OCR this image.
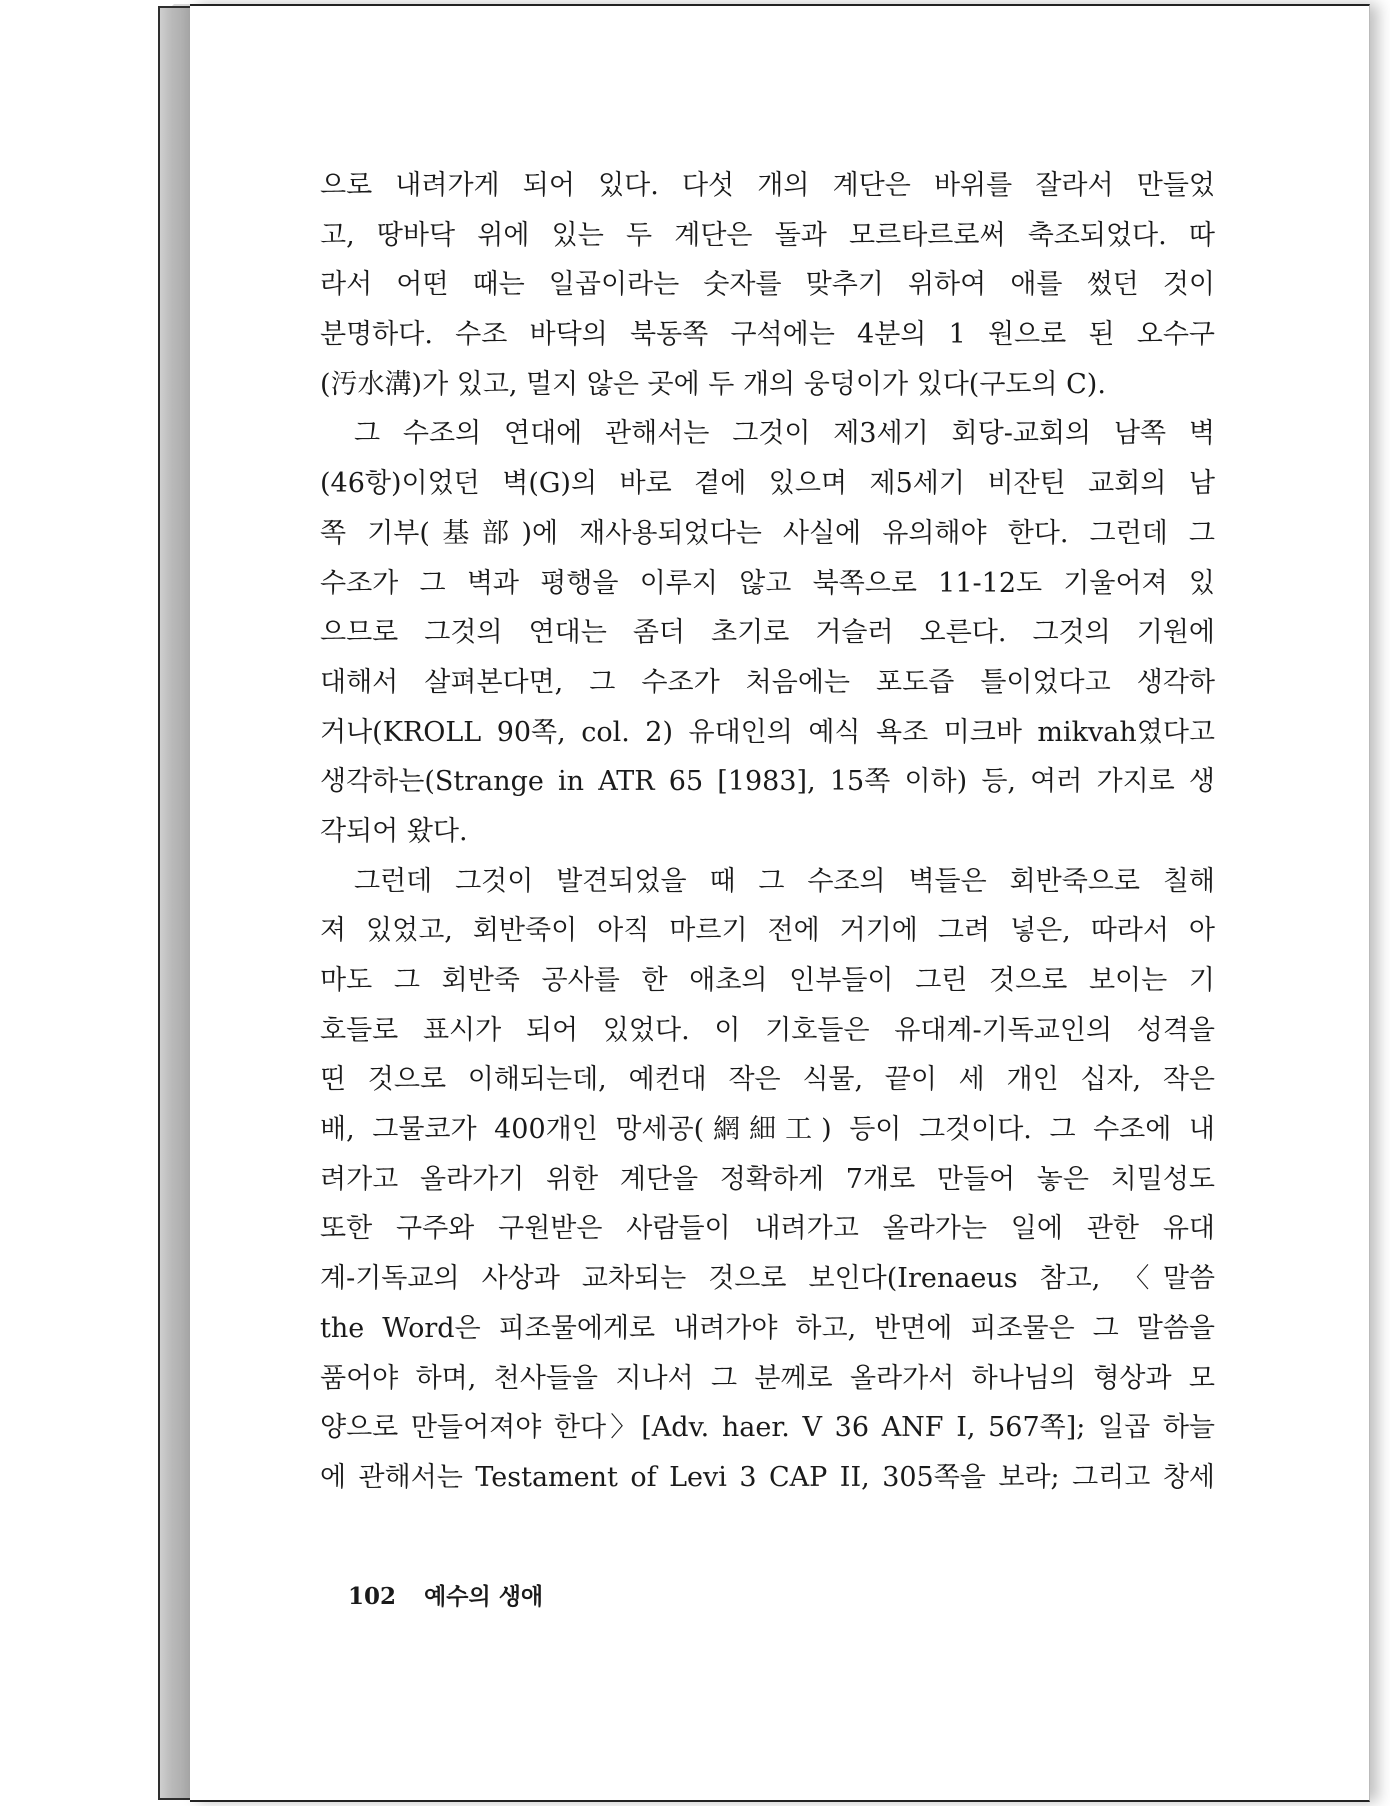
으로 내려가게 되어 있다. 다섯 개의 계단은 바위를 잘라서 만들었
고, 땅바닥 위에 있는 두 계단은 돌과 모르타르로써 축조되었다. 따
라서 어떤 때는 일곱이라는 숫자를 맞추기 위하여 애를 썼던 것이
분명하다. 수조 바닥의 북동쪽 구석에는 4분의 1 원으로 된 오수구
(汚水溝)가 있고, 멀지 않은 곳에 두 개의 웅덩이가 있다(구도의 C).
그 수조의 연대에 관해서는 그것이 제3세기 회당-교회의 남쪽 벽
(46항)이었던 벽(G)의 바로 곁에 있으며 제5세기 비잔틴 교회의 남
쪽 기부(基部)에 재사용되었다는 사실에 유의해야 한다. 그런데 그
수조가 그 벽과 평행을 이루지 않고 북쪽으로 11-12도 기울어져 있
으므로 그것의 연대는 좀더 초기로 거슬러 오른다. 그것의 기원에
대해서 살펴본다면, 그 수조가 처음에는 포도즙 틀이었다고 생각하
거나(KROLL 90쪽, col. 2) 유대인의 예식 욕조 미크바 mikvah였다고
생각하는(Strange in ATR 65 [1983], 15쪽 이하) 등, 여러 가지로 생
각되어 왔다.
그런데 그것이 발견되었을 때 그 수조의 벽들은 회반죽으로 칠해
져 있었고, 회반죽이 아직 마르기 전에 거기에 그려 넣은, 따라서 아
마도 그 회반죽 공사를 한 애초의 인부들이 그린 것으로 보이는 기
호들로 표시가 되어 있었다. 이 기호들은 유대계-기독교인의 성격을
띤 것으로 이해되는데, 예컨대 작은 식물, 끝이 세 개인 십자, 작은
배, 그물코가 400개인 망세공(網細工) 등이 그것이다. 그 수조에 내
려가고 올라가기 위한 계단을 정확하게 7개로 만들어 놓은 치밀성도
또한 구주와 구원받은 사람들이 내려가고 올라가는 일에 관한 유대
계-기독교의 사상과 교차되는 것으로 보인다(Irenaeus 참고, 〈말씀
the Word은 피조물에게로 내려가야 하고, 반면에 피조물은 그 말씀을
품어야 하며, 천사들을 지나서 그 분께로 올라가서 하나님의 형상과 모
양으로 만들어져야 한다〉[Adv. haer. V 36 ANF I, 567쪽]; 일곱 하늘
에 관해서는 Testament of Levi 3 CAP II, 305쪽을 보라; 그리고 창세
102 예수의 생애
